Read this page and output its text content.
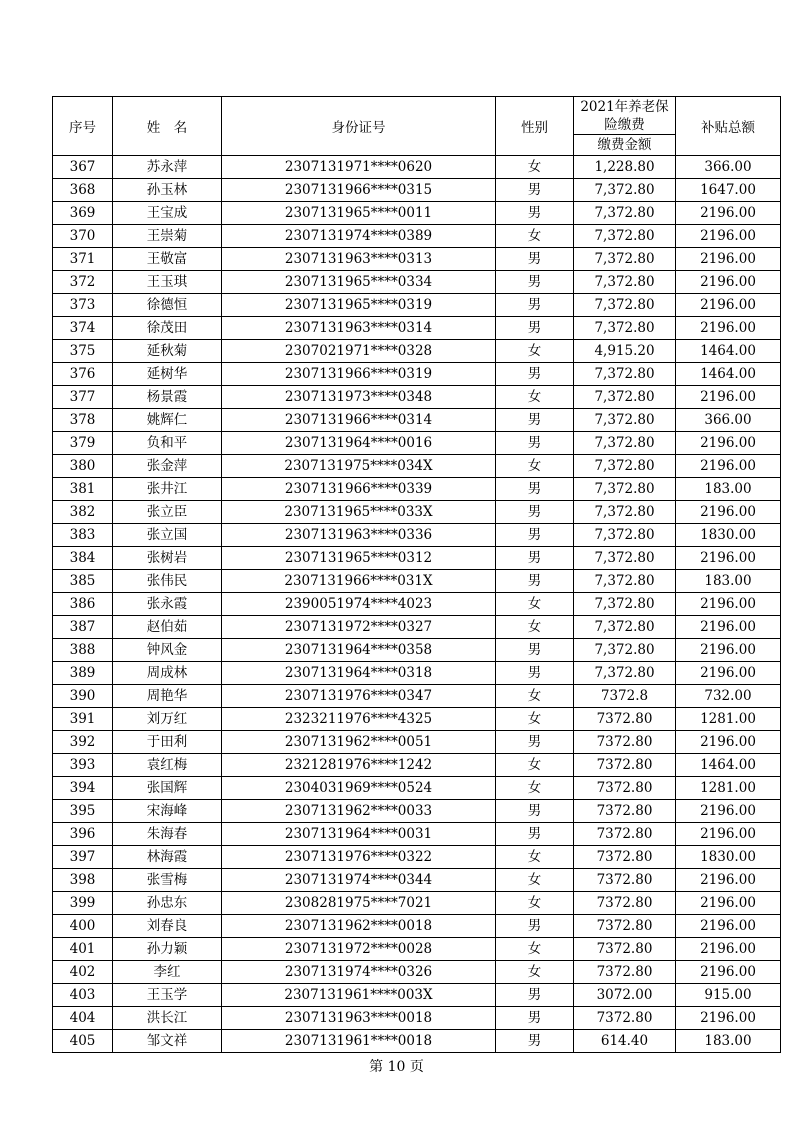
序号	姓　名	身份证号	性别	2021年养老保险缴费	补贴总额
				缴费金额	
367	苏永萍	2307131971****0620	女	1,228.80	366.00
368	孙玉林	2307131966****0315	男	7,372.80	1647.00
369	王宝成	2307131965****0011	男	7,372.80	2196.00
370	王崇菊	2307131974****0389	女	7,372.80	2196.00
371	王敬富	2307131963****0313	男	7,372.80	2196.00
372	王玉琪	2307131965****0334	男	7,372.80	2196.00
373	徐德恒	2307131965****0319	男	7,372.80	2196.00
374	徐茂田	2307131963****0314	男	7,372.80	2196.00
375	延秋菊	2307021971****0328	女	4,915.20	1464.00
376	延树华	2307131966****0319	男	7,372.80	1464.00
377	杨景霞	2307131973****0348	女	7,372.80	2196.00
378	姚辉仁	2307131966****0314	男	7,372.80	366.00
379	负和平	2307131964****0016	男	7,372.80	2196.00
380	张金萍	2307131975****034X	女	7,372.80	2196.00
381	张井江	2307131966****0339	男	7,372.80	183.00
382	张立臣	2307131965****033X	男	7,372.80	2196.00
383	张立国	2307131963****0336	男	7,372.80	1830.00
384	张树岩	2307131965****0312	男	7,372.80	2196.00
385	张伟民	2307131966****031X	男	7,372.80	183.00
386	张永霞	2390051974****4023	女	7,372.80	2196.00
387	赵伯茹	2307131972****0327	女	7,372.80	2196.00
388	钟风金	2307131964****0358	男	7,372.80	2196.00
389	周成林	2307131964****0318	男	7,372.80	2196.00
390	周艳华	2307131976****0347	女	7372.8	732.00
391	刘万红	2323211976****4325	女	7372.80	1281.00
392	于田利	2307131962****0051	男	7372.80	2196.00
393	袁红梅	2321281976****1242	女	7372.80	1464.00
394	张国辉	2304031969****0524	女	7372.80	1281.00
395	宋海峰	2307131962****0033	男	7372.80	2196.00
396	朱海春	2307131964****0031	男	7372.80	2196.00
397	林海霞	2307131976****0322	女	7372.80	1830.00
398	张雪梅	2307131974****0344	女	7372.80	2196.00
399	孙忠东	2308281975****7021	女	7372.80	2196.00
400	刘春良	2307131962****0018	男	7372.80	2196.00
401	孙力颖	2307131972****0028	女	7372.80	2196.00
402	李红	2307131974****0326	女	7372.80	2196.00
403	王玉学	2307131961****003X	男	3072.00	915.00
404	洪长江	2307131963****0018	男	7372.80	2196.00
405	邹文祥	2307131961****0018	男	614.40	183.00
第 10 页
